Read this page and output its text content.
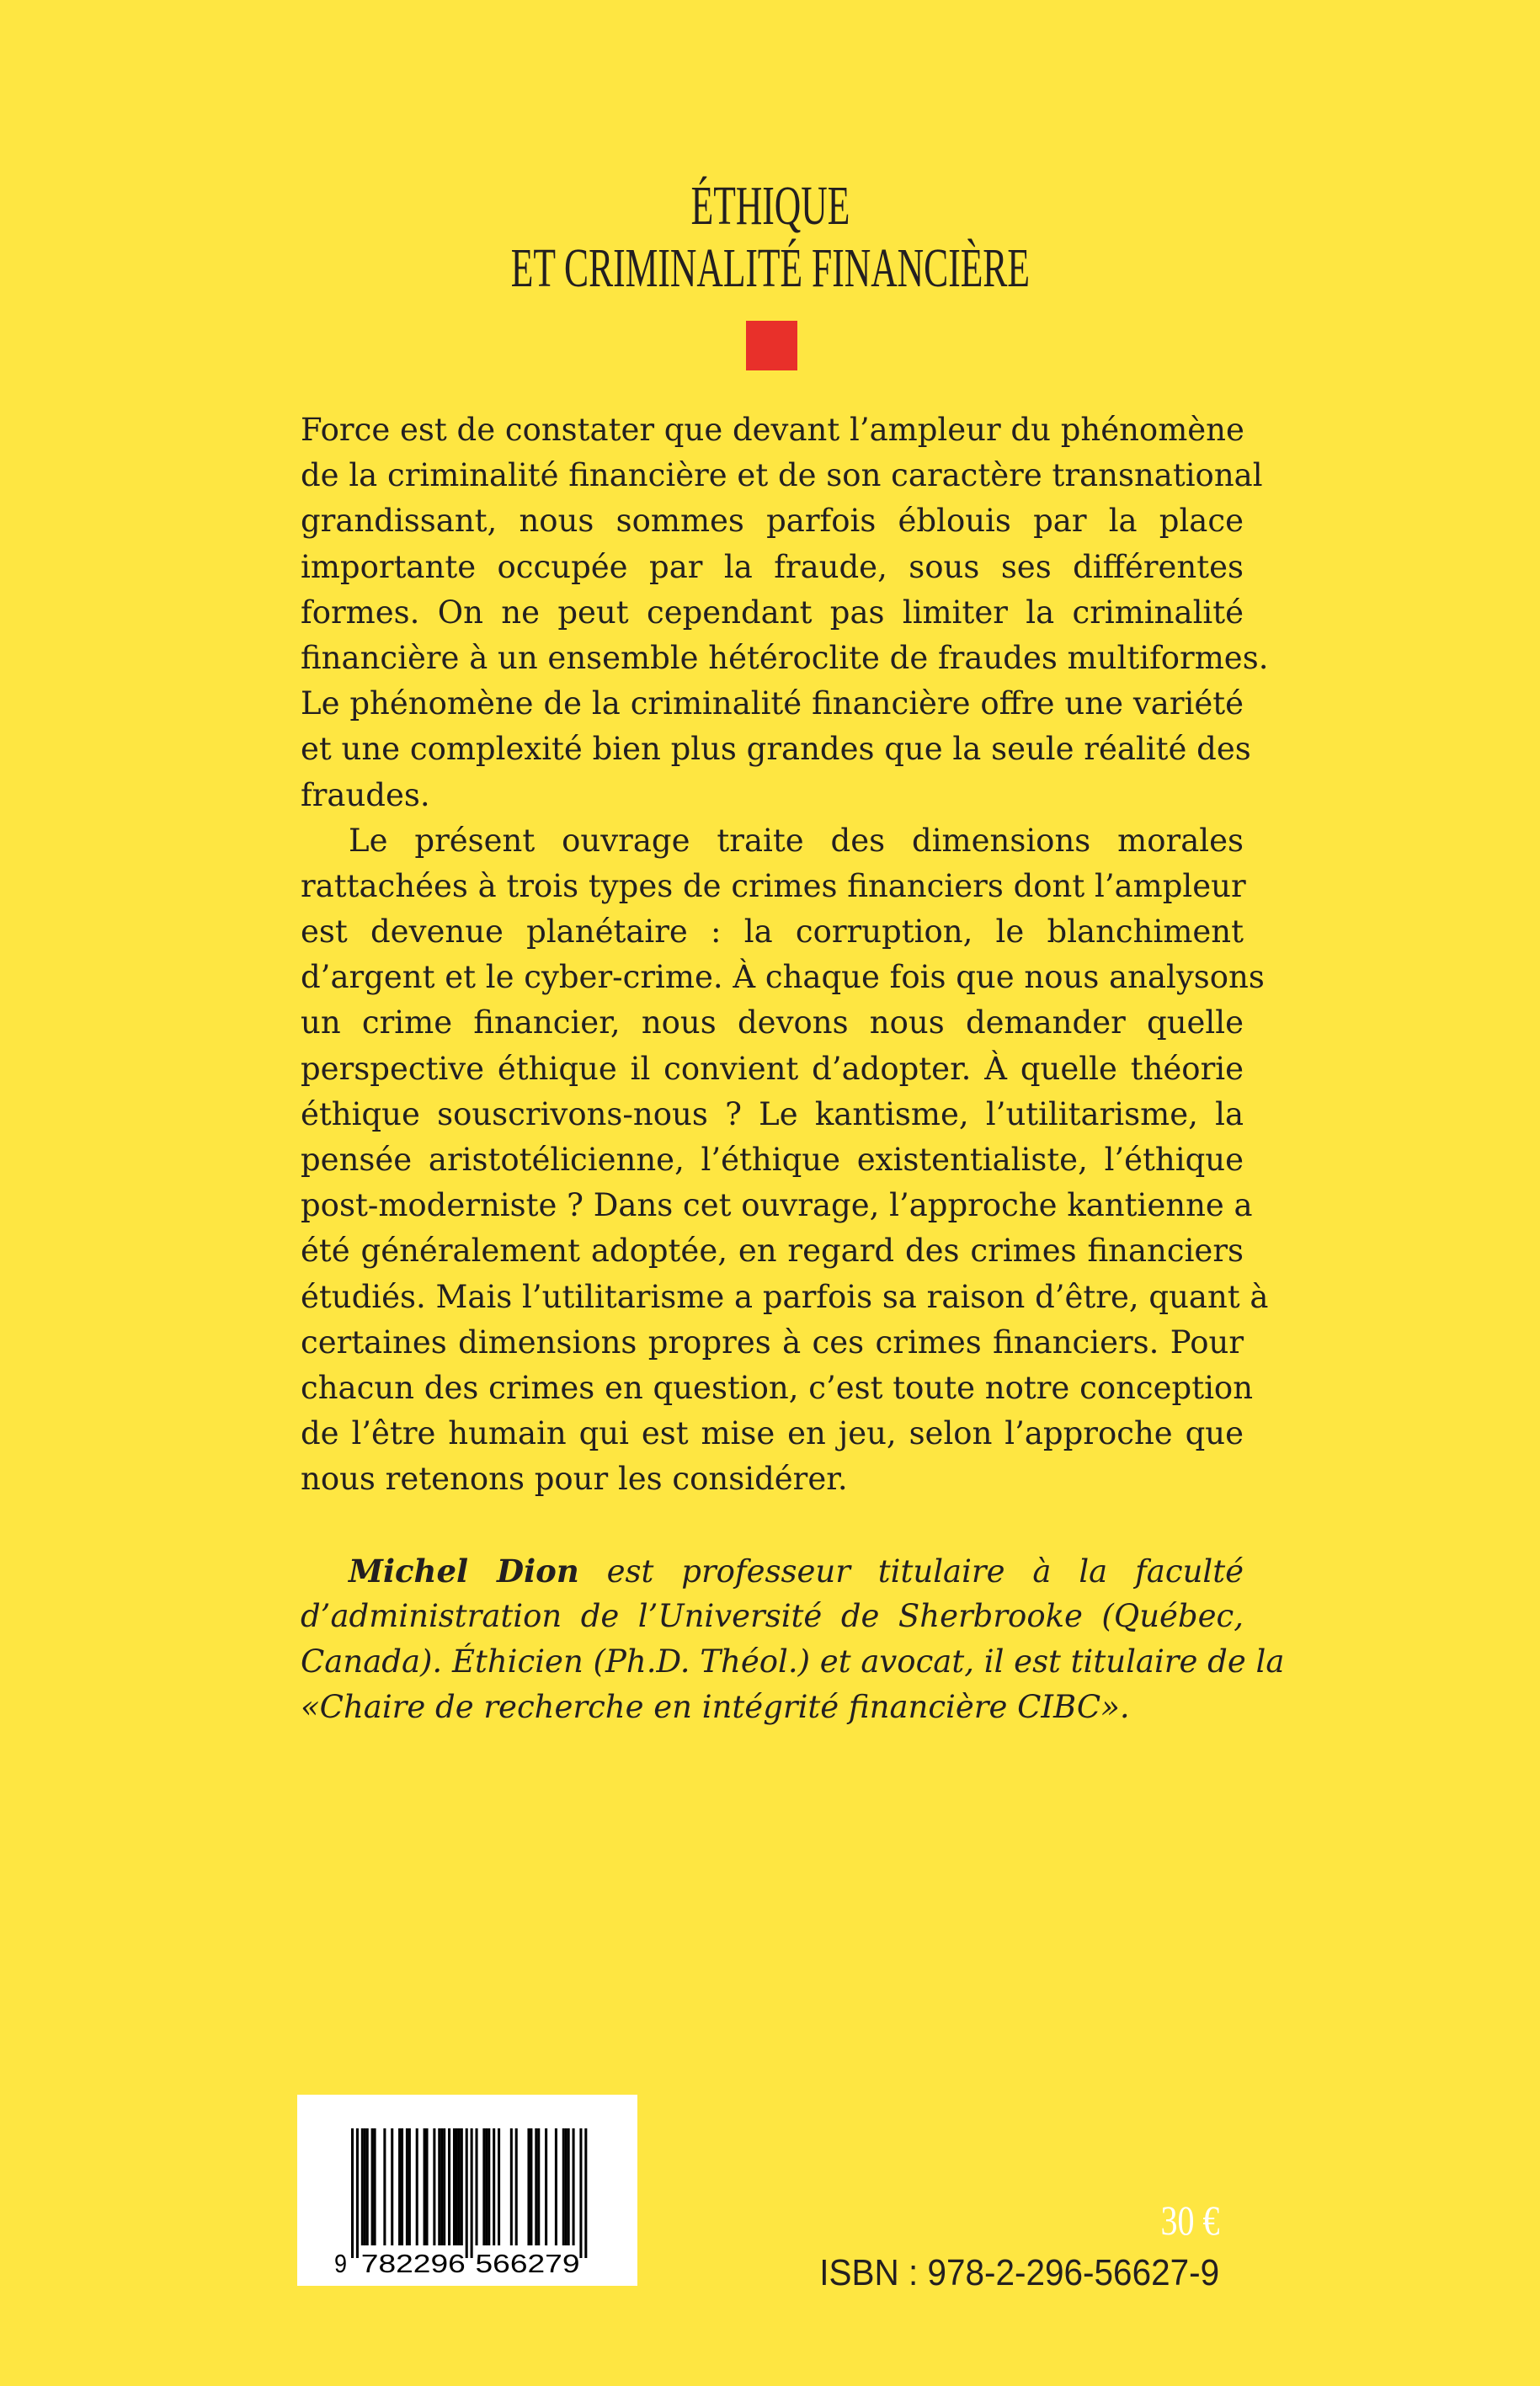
ÉTHIQUE
ET CRIMINALITÉ FINANCIÈRE
Force est de constater que devant l’ampleur du phénomène
de la criminalité financière et de son caractère transnational
grandissant, nous sommes parfois éblouis par la place
importante occupée par la fraude, sous ses différentes
formes. On ne peut cependant pas limiter la criminalité
financière à un ensemble hétéroclite de fraudes multiformes.
Le phénomène de la criminalité financière offre une variété
et une complexité bien plus grandes que la seule réalité des
fraudes.
Le présent ouvrage traite des dimensions morales
rattachées à trois types de crimes financiers dont l’ampleur
est devenue planétaire : la corruption, le blanchiment
d’argent et le cyber-crime. À chaque fois que nous analysons
un crime financier, nous devons nous demander quelle
perspective éthique il convient d’adopter. À quelle théorie
éthique souscrivons-nous ? Le kantisme, l’utilitarisme, la
pensée aristotélicienne, l’éthique existentialiste, l’éthique
post-moderniste ? Dans cet ouvrage, l’approche kantienne a
été généralement adoptée, en regard des crimes financiers
étudiés. Mais l’utilitarisme a parfois sa raison d’être, quant à
certaines dimensions propres à ces crimes financiers. Pour
chacun des crimes en question, c’est toute notre conception
de l’être humain qui est mise en jeu, selon l’approche que
nous retenons pour les considérer.
Michel Dion est professeur titulaire à la faculté
d’administration de l’Université de Sherbrooke (Québec,
Canada). Éthicien (Ph.D. Théol.) et avocat, il est titulaire de la
«Chaire de recherche en intégrité financière CIBC».
9 782296 566279
30 €
ISBN : 978-2-296-56627-9
